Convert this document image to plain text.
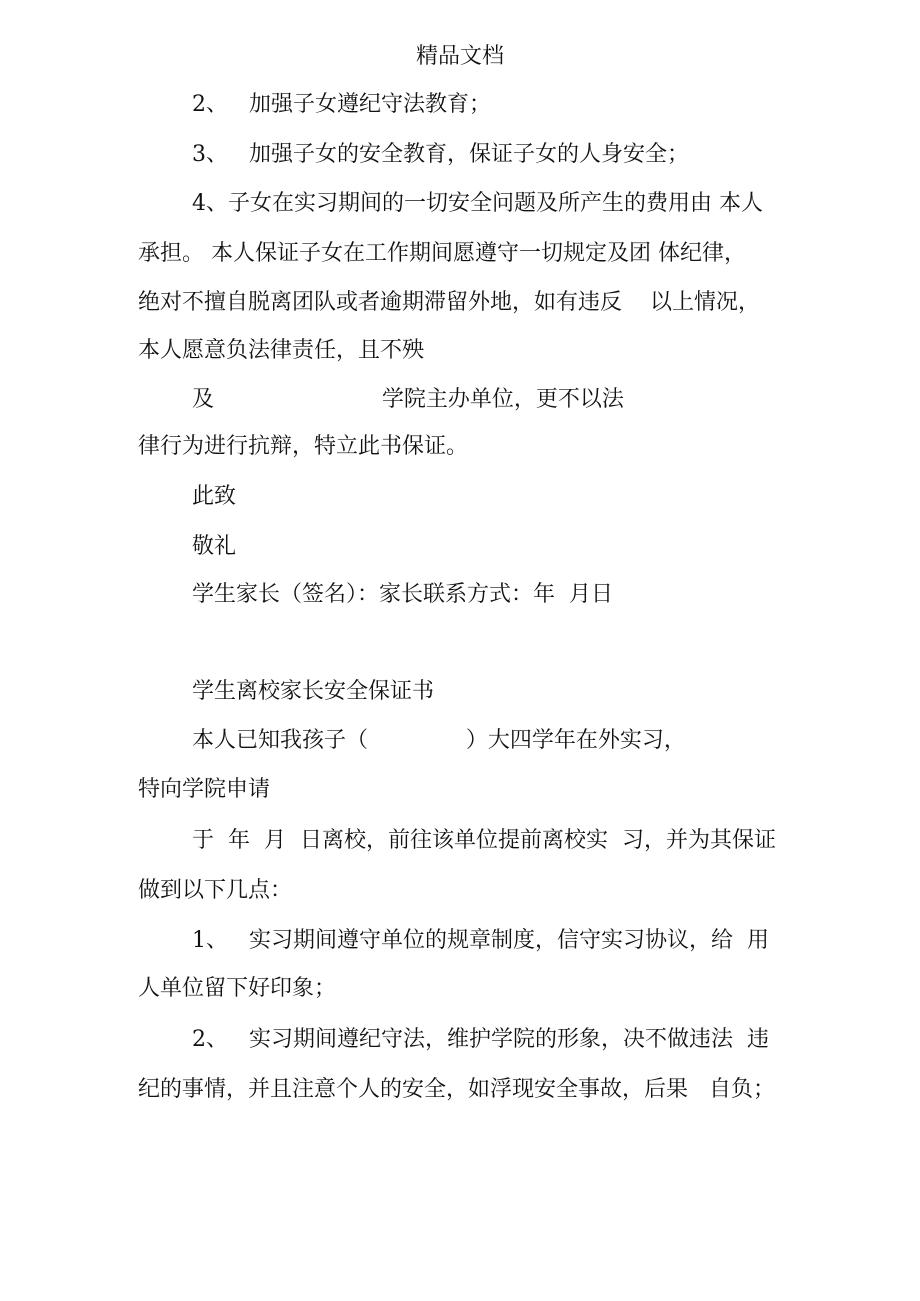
精品文档
2、   加强子女遵纪守法教育；
3、   加强子女的安全教育，保证子女的人身安全；
4、子女在实习期间的一切安全问题及所产生的费用由 本人
承担。 本人保证子女在工作期间愿遵守一切规定及团 体纪律，
绝对不擅自脱离团队或者逾期滞留外地，如有违反    以上情况，
本人愿意负法律责任，且不殃
及                        学院主办单位，更不以法
律行为进行抗辩，特立此书保证。
此致
敬礼
学生家长（签名）：家长联系方式：年  月日
学生离校家长安全保证书
本人已知我孩子（              ）大四学年在外实习，
特向学院申请
于  年  月  日离校，前往该单位提前离校实  习，并为其保证
做到以下几点：
1、   实习期间遵守单位的规章制度，信守实习协议，给  用
人单位留下好印象；
2、   实习期间遵纪守法，维护学院的形象，决不做违法  违
纪的事情，并且注意个人的安全，如浮现安全事故，后果   自负；
